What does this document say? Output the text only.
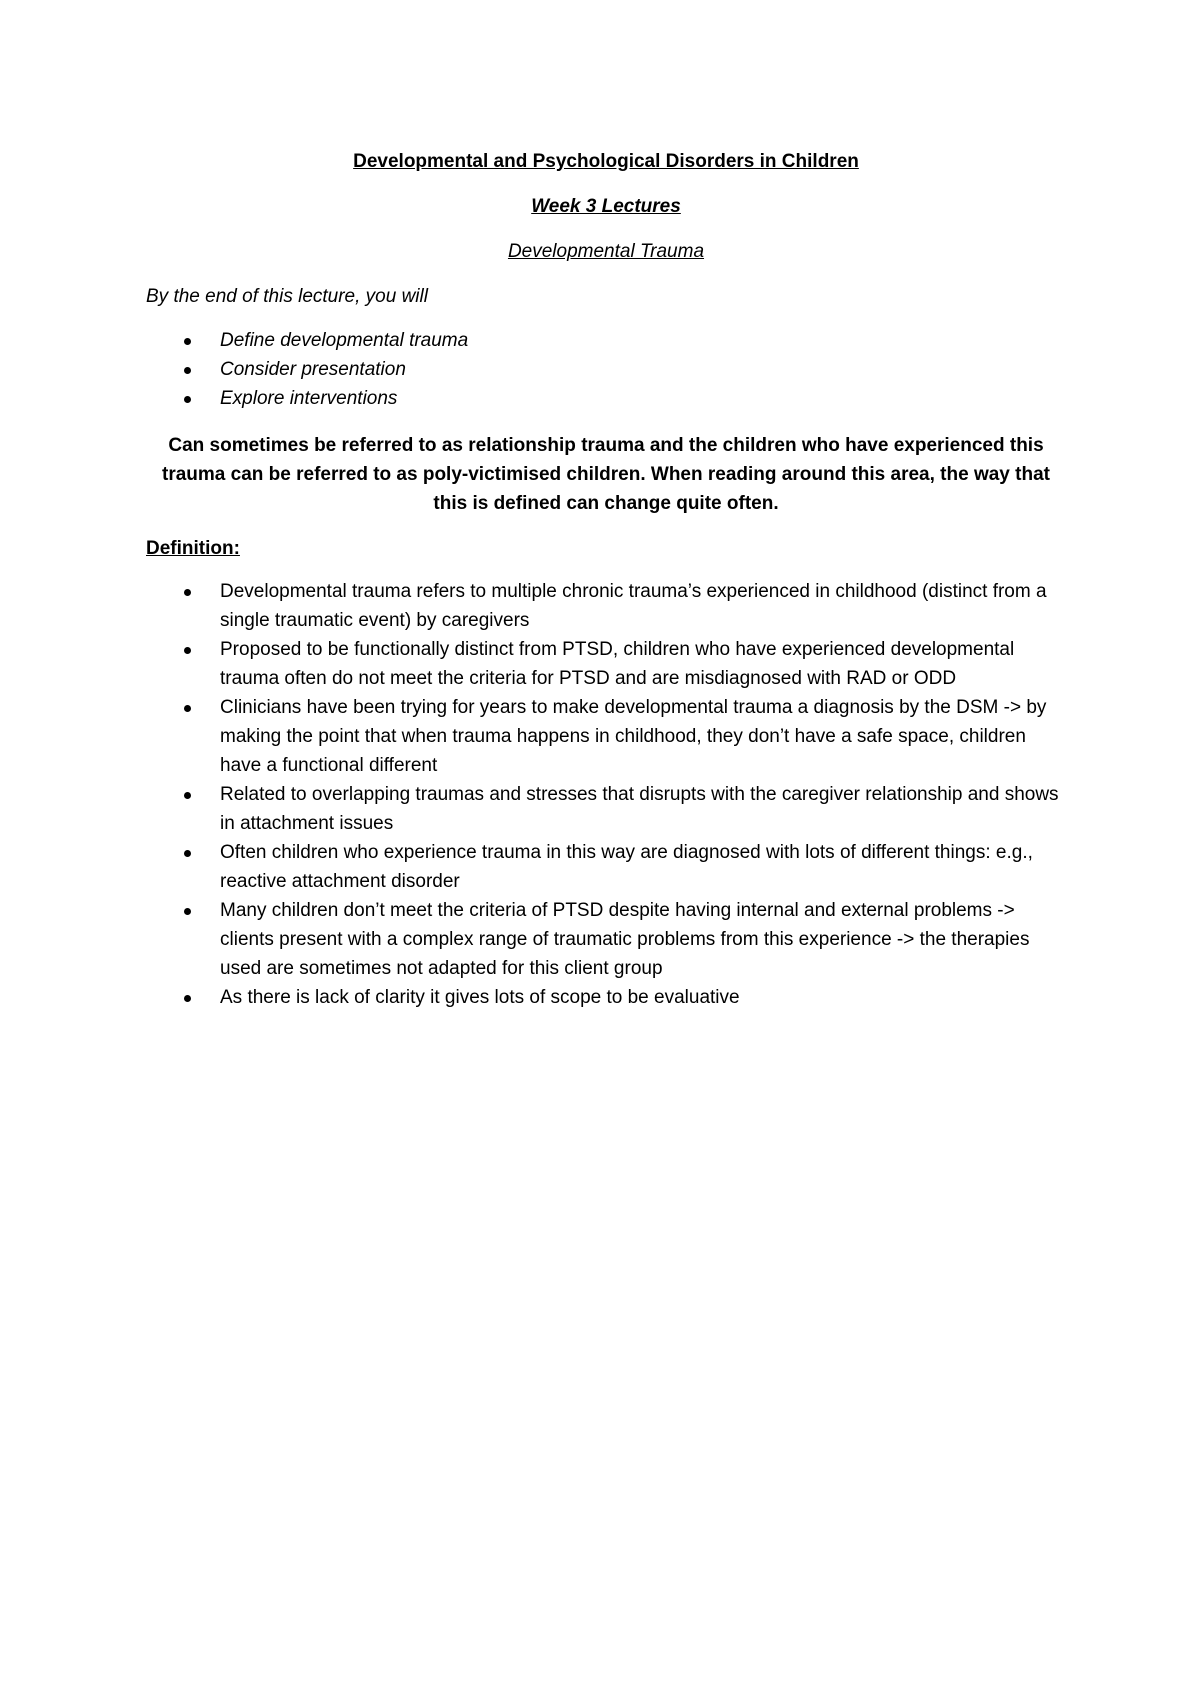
Developmental and Psychological Disorders in Children

Week 3 Lectures

Developmental Trauma

By the end of this lecture, you will

Define developmental trauma
Consider presentation
Explore interventions

Can sometimes be referred to as relationship trauma and the children who have experienced this trauma can be referred to as poly-victimised children. When reading around this area, the way that this is defined can change quite often.

Definition:

Developmental trauma refers to multiple chronic trauma’s experienced in childhood (distinct from a single traumatic event) by caregivers
Proposed to be functionally distinct from PTSD, children who have experienced developmental trauma often do not meet the criteria for PTSD and are misdiagnosed with RAD or ODD
Clinicians have been trying for years to make developmental trauma a diagnosis by the DSM -> by making the point that when trauma happens in childhood, they don’t have a safe space, children have a functional different
Related to overlapping traumas and stresses that disrupts with the caregiver relationship and shows in attachment issues
Often children who experience trauma in this way are diagnosed with lots of different things: e.g., reactive attachment disorder
Many children don’t meet the criteria of PTSD despite having internal and external problems -> clients present with a complex range of traumatic problems from this experience -> the therapies used are sometimes not adapted for this client group
As there is lack of clarity it gives lots of scope to be evaluative
